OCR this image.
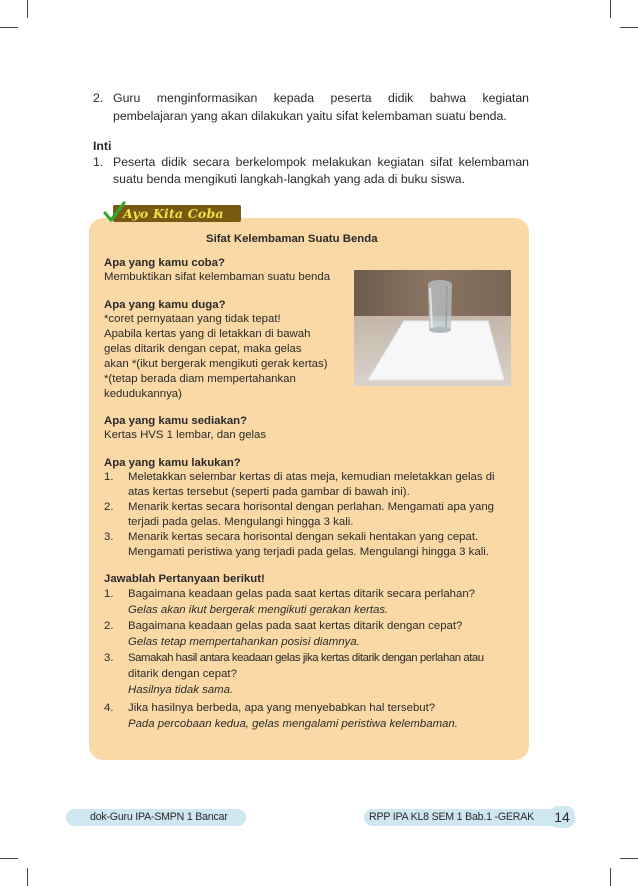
2. Guru menginformasikan kepada peserta didik bahwa kegiatan
pembelajaran yang akan dilakukan yaitu sifat kelembaman suatu benda.
Inti
1. Peserta didik secara berkelompok melakukan kegiatan sifat kelembaman
suatu benda mengikuti langkah-langkah yang ada di buku siswa.
Ayo Kita Coba
Sifat Kelembaman Suatu Benda
Apa yang kamu coba?
Membuktikan sifat kelembaman suatu benda
Apa yang kamu duga?
*coret pernyataan yang tidak tepat!
Apabila kertas yang di letakkan di bawah
gelas ditarik dengan cepat, maka gelas
akan *(ikut bergerak mengikuti gerak kertas)
*(tetap berada diam mempertahankan
kedudukannya)
Apa yang kamu sediakan?
Kertas HVS 1 lembar, dan gelas
Apa yang kamu lakukan?
1. Meletakkan selembar kertas di atas meja, kemudian meletakkan gelas di
atas kertas tersebut (seperti pada gambar di bawah ini).
2. Menarik kertas secara horisontal dengan perlahan. Mengamati apa yang
terjadi pada gelas. Mengulangi hingga 3 kali.
3. Menarik kertas secara horisontal dengan sekali hentakan yang cepat.
Mengamati peristiwa yang terjadi pada gelas. Mengulangi hingga 3 kali.
Jawablah Pertanyaan berikut!
1. Bagaimana keadaan gelas pada saat kertas ditarik secara perlahan?
Gelas akan ikut bergerak mengikuti gerakan kertas.
2. Bagaimana keadaan gelas pada saat kertas ditarik dengan cepat?
Gelas tetap mempertahankan posisi diamnya.
3. Samakah hasil antara keadaan gelas jika kertas ditarik dengan perlahan atau
ditarik dengan cepat?
Hasilnya tidak sama.
4. Jika hasilnya berbeda, apa yang menyebabkan hal tersebut?
Pada percobaan kedua, gelas mengalami peristiwa kelembaman.
dok-Guru IPA-SMPN 1 Bancar	RPP IPA KL8 SEM 1 Bab.1 -GERAK	14
